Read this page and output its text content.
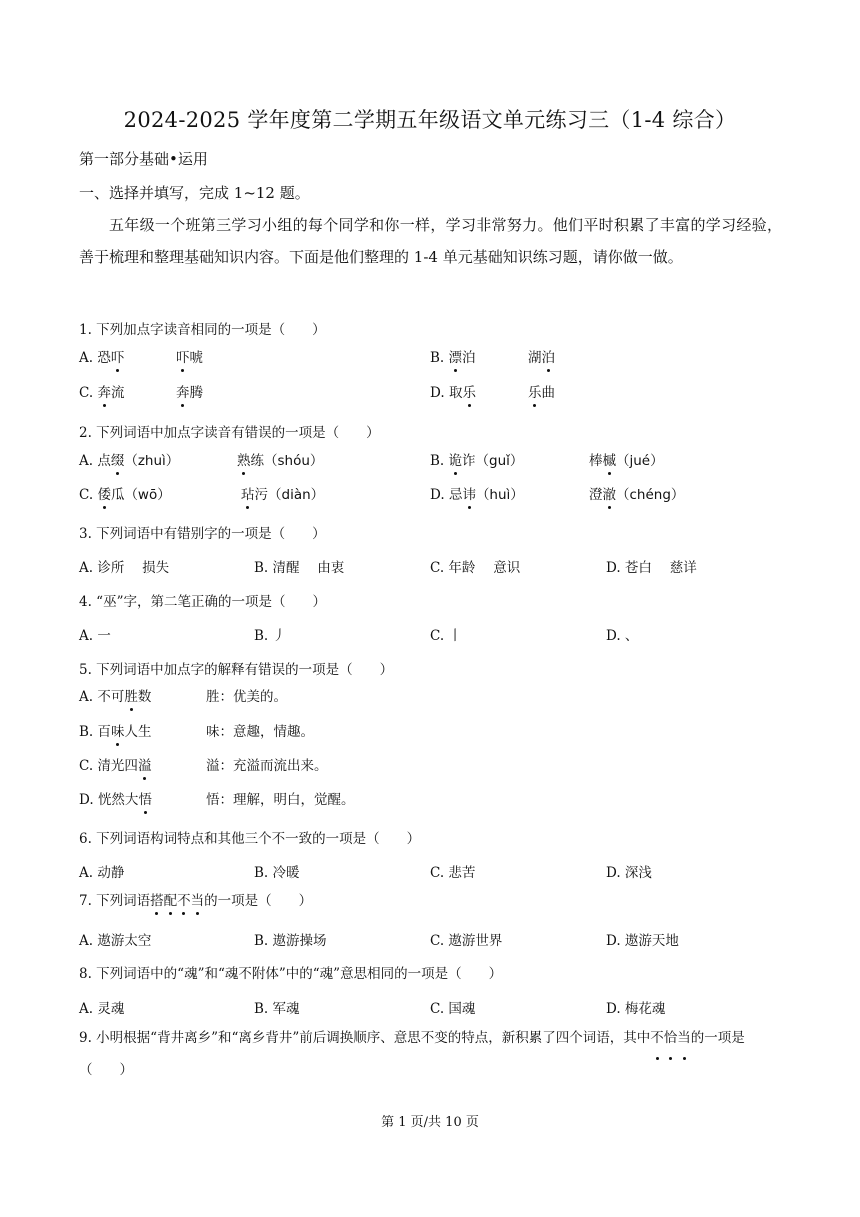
2024-2025 学年度第二学期五年级语文单元练习三（1-4 综合）
第一部分基础•运用
一、选择并填写，完成 1~12 题。
五年级一个班第三学习小组的每个同学和你一样，学习非常努力。他们平时积累了丰富的学习经验，善于梳理和整理基础知识内容。下面是他们整理的 1-4 单元基础知识练习题，请你做一做。
1. 下列加点字读音相同的一项是（　　）
A. 恐吓	吓唬	B. 漂泊	湖泊
C. 奔流	奔腾	D. 取乐	乐曲
2. 下列词语中加点字读音有错误的一项是（　　）
A. 点缀（zhuì）	熟练（shóu）	B. 诡诈（guǐ）	棒槭（jué）
C. 倭瓜（wō）	玷污（diàn）	D. 忌讳（huì）	澄澈（chéng）
3. 下列词语中有错别字的一项是（　　）
A. 诊所　 损失	B. 清醒　 由衷	C. 年龄　 意识	D. 苍白　 慈详
4. “巫”字，第二笔正确的一项是（　　）
A. 一	B. 丿	C. 丨	D. 、
5. 下列词语中加点字的解释有错误的一项是（　　）
A. 不可胜数	胜：优美的。
B. 百味人生	味：意趣，情趣。
C. 清光四溢	溢：充溢而流出来。
D. 恍然大悟	悟：理解，明白，觉醒。
6. 下列词语构词特点和其他三个不一致的一项是（　　）
A. 动静	B. 冷暖	C. 悲苦	D. 深浅
7. 下列词语搭配不当的一项是（　　）
A. 遨游太空	B. 遨游操场	C. 遨游世界	D. 遨游天地
8. 下列词语中的“魂”和“魂不附体”中的“魂”意思相同的一项是（　　）
A. 灵魂	B. 军魂	C. 国魂	D. 梅花魂
9. 小明根据“背井离乡”和“离乡背井”前后调换顺序、意思不变的特点，新积累了四个词语，其中不恰当的一项是（　　）
第 1 页/共 10 页
